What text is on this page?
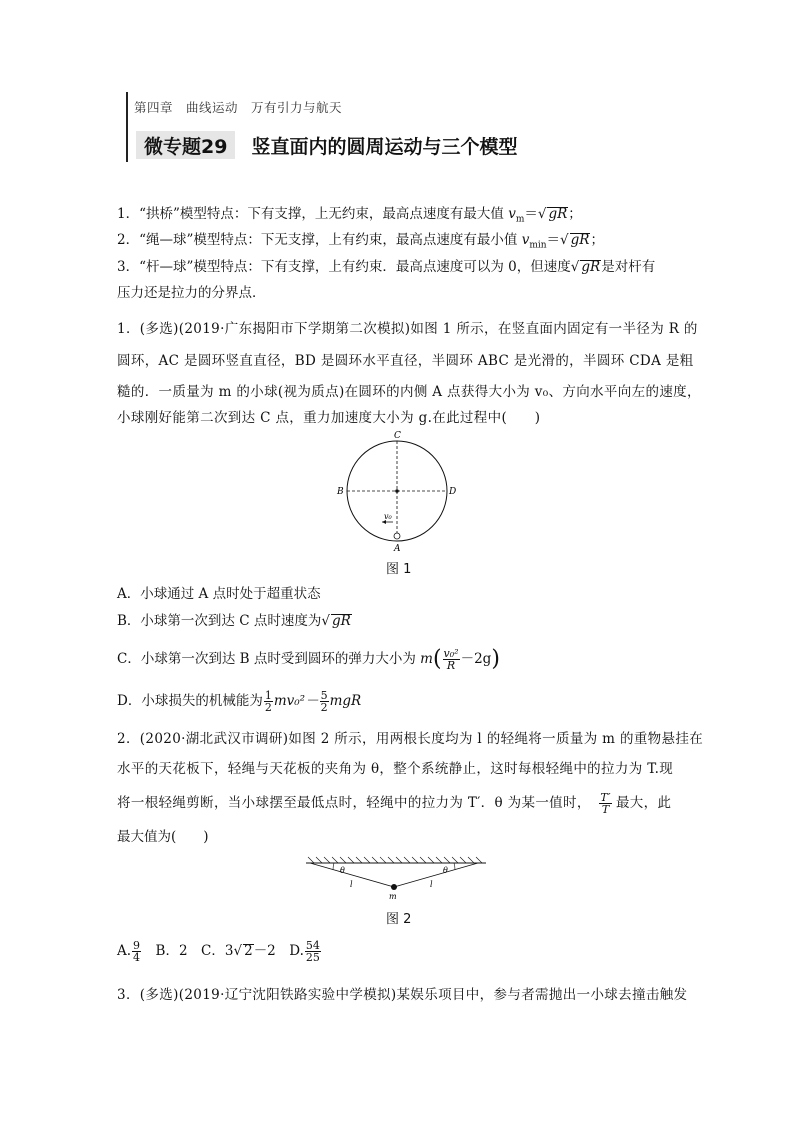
第四章　曲线运动　万有引力与航天
微专题29	竖直面内的圆周运动与三个模型
1．“拱桥”模型特点：下有支撑，上无约束，最高点速度有最大值 $v_m=√$ gR；
2．“绳—球”模型特点：下无支撑，上有约束，最高点速度有最小值 $v_{min}=√$ gR；
3．“杆—球”模型特点：下有支撑，上有约束．最高点速度可以为 0，但速度√ gR是对杆有
压力还是拉力的分界点．
1．(多选)(2019·广东揭阳市下学期第二次模拟)如图 1 所示，在竖直面内固定有一半径为 R 的
圆环，AC 是圆环竖直直径，BD 是圆环水平直径，半圆环 ABC 是光滑的，半圆环 CDA 是粗
糙的．一质量为 m 的小球(视为质点)在圆环的内侧 A 点获得大小为 v₀、方向水平向左的速度，
小球刚好能第二次到达 C 点，重力加速度大小为 g.在此过程中(　　)
C
B	D
A
v₀
图 1
A．小球通过 A 点时处于超重状态
B．小球第一次到达 C 点时速度为√ gR
C．小球第一次到达 B 点时受到圆环的弹力大小为 $m( \frac{\text{v₀²}}{R} -2g)$
D．小球损失的机械能为 $\frac{1}{2} mv_0^2- \frac{5}{2}$ mgR
2．(2020·湖北武汉市调研)如图 2 所示，用两根长度均为 l 的轻绳将一质量为 m 的重物悬挂在
水平的天花板下，轻绳与天花板的夹角为 θ，整个系统静止，这时每根轻绳中的拉力为 T.现
将一根轻绳剪断，当小球摆至最低点时，轻绳中的拉力为 T′．θ 为某一值时， $\frac{T'}{T}$ 最大，此
最大值为(　　)
θ	θ
l	l
m
图 2
A. $\frac{9}{4}$ 　B．2　C．3√ 2－2　D. $\frac{54}{25}$
3．(多选)(2019·辽宁沈阳铁路实验中学模拟)某娱乐项目中，参与者需抛出一小球去撞击触发
